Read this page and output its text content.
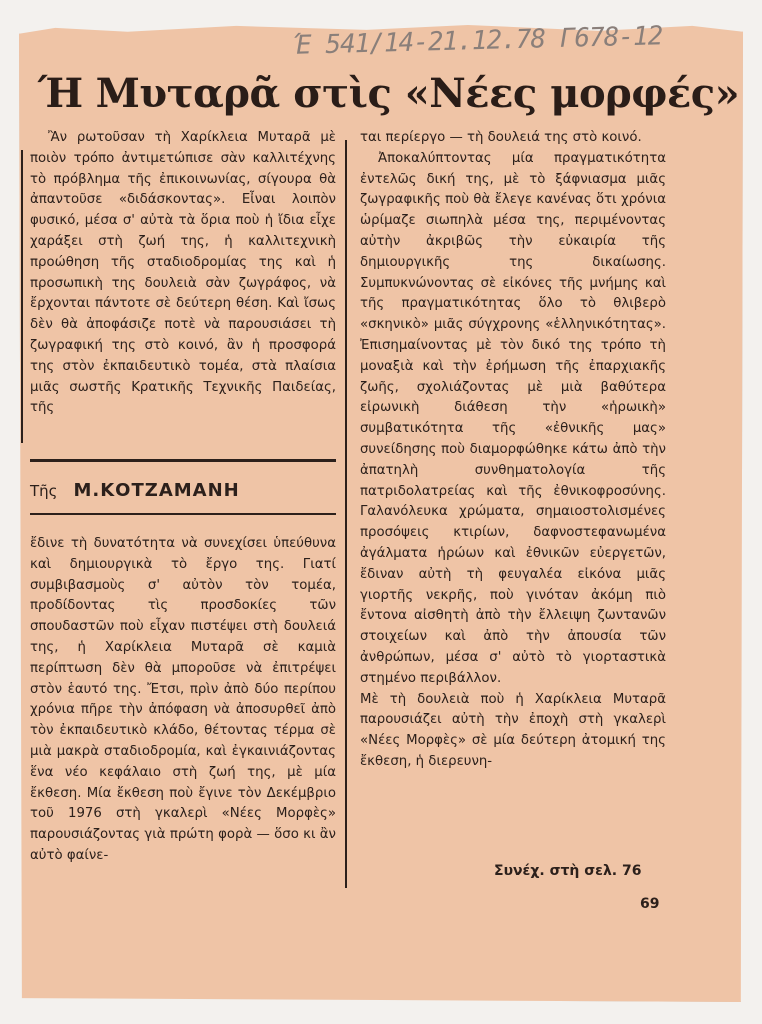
Έ 541/14-21.12.78 Γ678-12
Ή Μυταρᾶ στὶς «Νέες μορφές»

Ἂν ρωτοῦσαν τὴ Χαρίκλεια Μυταρᾶ μὲ ποιὸν τρόπο ἀντιμετώπισε σὰν καλλιτέχνης τὸ πρόβλημα τῆς ἐπικοινωνίας, σίγουρα θὰ ἀπαντοῦσε «διδάσκοντας». Εἶναι λοιπὸν φυσικό, μέσα σ' αὐτὰ τὰ ὅρια ποὺ ἡ ἴδια εἶχε χαράξει στὴ ζωή της, ἡ καλλιτεχνικὴ προώθηση τῆς σταδιοδρομίας της καὶ ἡ προσωπικὴ της δουλειὰ σὰν ζωγράφος, νὰ ἔρχονται πάντοτε σὲ δεύτερη θέση. Καὶ ἴσως δὲν θὰ ἀποφάσιζε ποτὲ νὰ παρουσιάσει τὴ ζωγραφική της στὸ κοινό, ἂν ἡ προσφορά της στὸν ἐκπαιδευτικὸ τομέα, στὰ πλαίσια μιᾶς σωστῆς Κρατικῆς Τεχνικῆς Παιδείας, τῆς

Τῆς Μ.ΚΟΤΖΑΜΑΝΗ

ἔδινε τὴ δυνατότητα νὰ συνεχίσει ὑπεύθυνα καὶ δημιουργικὰ τὸ ἔργο της. Γιατί συμβιβασμοὺς σ' αὐτὸν τὸν τομέα, προδίδοντας τὶς προσδοκίες τῶν σπουδαστῶν ποὺ εἶχαν πιστέψει στὴ δουλειά της, ἡ Χαρίκλεια Μυταρᾶ σὲ καμιὰ περίπτωση δὲν θὰ μποροῦσε νὰ ἐπιτρέψει στὸν ἑαυτό της. Ἔτσι, πρὶν ἀπὸ δύο περίπου χρόνια πῆρε τὴν ἀπόφαση νὰ ἀποσυρθεῖ ἀπὸ τὸν ἐκπαιδευτικὸ κλάδο, θέτοντας τέρμα σὲ μιὰ μακρὰ σταδιοδρομία, καὶ ἐγκαινιάζοντας ἕνα νέο κεφάλαιο στὴ ζωή της, μὲ μία ἔκθεση. Μία ἔκθεση ποὺ ἔγινε τὸν Δεκέμβριο τοῦ 1976 στὴ γκαλερὶ «Νέες Μορφὲς» παρουσιάζοντας γιὰ πρώτη φορὰ — ὅσο κι ἂν αὐτὸ φαίνε-

ται περίεργο — τὴ δουλειά της στὸ κοινό.

Ἀποκαλύπτοντας μία πραγματικότητα ἐντελῶς δική της, μὲ τὸ ξάφνιασμα μιᾶς ζωγραφικῆς ποὺ θὰ ἔλεγε κανένας ὅτι χρόνια ὡρίμαζε σιωπηλὰ μέσα της, περιμένοντας αὐτὴν ἀκριβῶς τὴν εὐκαιρία τῆς δημιουργικῆς της δικαίωσης. Συμπυκνώνοντας σὲ εἰκόνες τῆς μνήμης καὶ τῆς πραγματικότητας ὅλο τὸ θλιβερὸ «σκηνικὸ» μιᾶς σύγχρονης «ἑλληνικότητας». Ἐπισημαίνοντας μὲ τὸν δικό της τρόπο τὴ μοναξιὰ καὶ τὴν ἐρήμωση τῆς ἐπαρχιακῆς ζωῆς, σχολιάζοντας μὲ μιὰ βαθύτερα εἰρωνικὴ διάθεση τὴν «ἡρωικὴ» συμβατικότητα τῆς «ἐθνικῆς μας» συνείδησης ποὺ διαμορφώθηκε κάτω ἀπὸ τὴν ἀπατηλὴ συνθηματολογία τῆς πατριδολατρείας καὶ τῆς ἐθνικοφροσύνης. Γαλανόλευκα χρώματα, σημαιοστολισμένες προσόψεις κτιρίων, δαφνοστεφανωμένα ἀγάλματα ἡρώων καὶ ἐθνικῶν εὐεργετῶν, ἔδιναν αὐτὴ τὴ φευγαλέα εἰκόνα μιᾶς γιορτῆς νεκρῆς, ποὺ γινόταν ἀκόμη πιὸ ἔντονα αἰσθητὴ ἀπὸ τὴν ἔλλειψη ζωντανῶν στοιχείων καὶ ἀπὸ τὴν ἀπουσία τῶν ἀνθρώπων, μέσα σ' αὐτὸ τὸ γιορταστικὰ στημένο περιβάλλον.

Μὲ τὴ δουλειὰ ποὺ ἡ Χαρίκλεια Μυταρᾶ παρουσιάζει αὐτὴ τὴν ἐποχὴ στὴ γκαλερὶ «Νέες Μορφὲς» σὲ μία δεύτερη ἀτομική της ἔκθεση, ἡ διερευνη-

Συνέχ. στὴ σελ. 76
69
